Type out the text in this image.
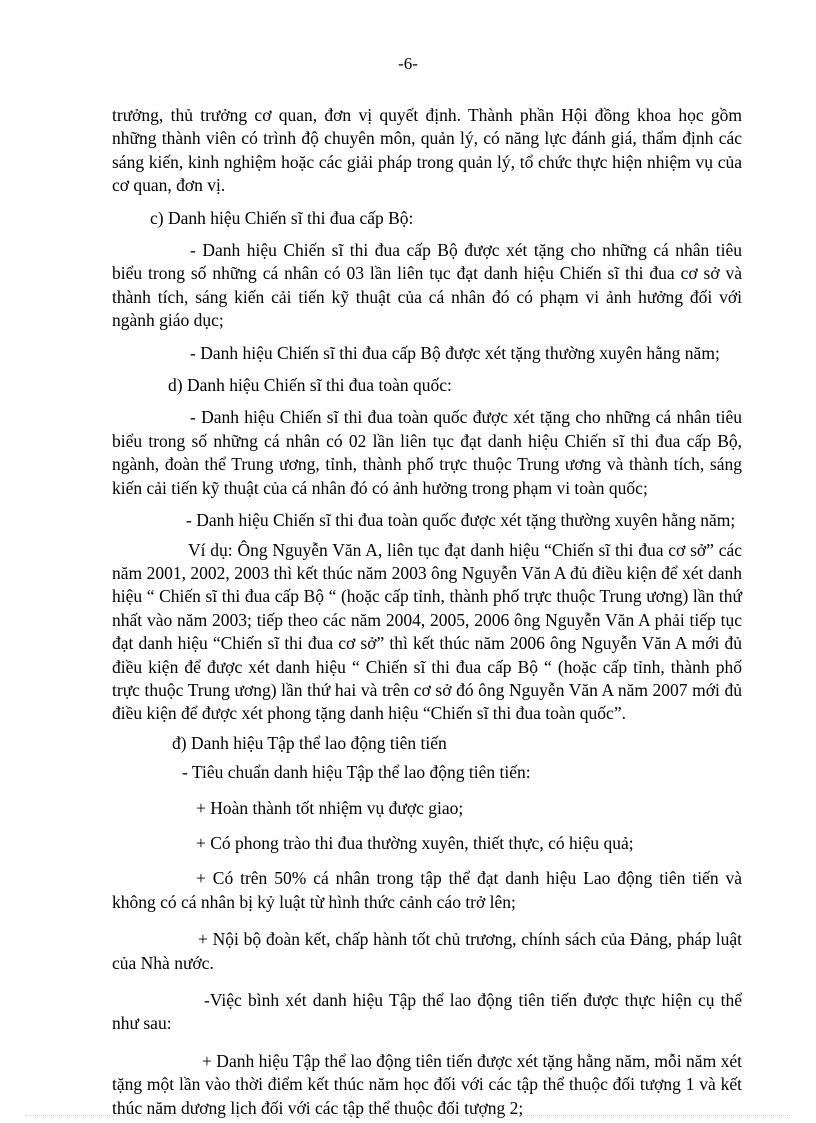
-6-

trưởng, thủ trưởng cơ quan, đơn vị quyết định. Thành phần Hội đồng khoa học gồm những thành viên có trình độ chuyên môn, quản lý, có năng lực đánh giá, thẩm định các sáng kiến, kinh nghiệm hoặc các giải pháp trong quản lý, tổ chức thực hiện nhiệm vụ của cơ quan, đơn vị.

c) Danh hiệu Chiến sĩ thi đua cấp Bộ:

- Danh hiệu Chiến sĩ thi đua cấp Bộ được xét tặng cho những cá nhân tiêu biểu trong số những cá nhân có 03 lần liên tục đạt danh hiệu Chiến sĩ thi đua cơ sở và thành tích, sáng kiến cải tiến kỹ thuật của cá nhân đó có phạm vi ảnh hưởng đối với ngành giáo dục;

- Danh hiệu Chiến sĩ thi đua cấp Bộ được xét tặng thường xuyên hằng năm;

d) Danh hiệu Chiến sĩ thi đua toàn quốc:

- Danh hiệu Chiến sĩ thi đua toàn quốc được xét tặng cho những cá nhân tiêu biểu trong số những cá nhân có 02 lần liên tục đạt danh hiệu Chiến sĩ thi đua cấp Bộ, ngành, đoàn thể Trung ương, tỉnh, thành phố trực thuộc Trung ương và thành tích, sáng kiến cải tiến kỹ thuật của cá nhân đó có ảnh hưởng trong phạm vi toàn quốc;

- Danh hiệu Chiến sĩ thi đua toàn quốc được xét tặng thường xuyên hằng năm;

Ví dụ: Ông Nguyễn Văn A, liên tục đạt danh hiệu “Chiến sĩ thi đua cơ sở” các năm 2001, 2002, 2003 thì kết thúc năm 2003 ông Nguyễn Văn A đủ điều kiện để xét danh hiệu “ Chiến sĩ thi đua cấp Bộ “ (hoặc cấp tỉnh, thành phố trực thuộc Trung ương) lần thứ nhất vào năm 2003; tiếp theo các năm 2004, 2005, 2006 ông Nguyễn Văn A phải tiếp tục đạt danh hiệu “Chiến sĩ thi đua cơ sở” thì kết thúc năm 2006 ông Nguyễn Văn A mới đủ điều kiện để được xét danh hiệu “ Chiến sĩ thi đua cấp Bộ “ (hoặc cấp tỉnh, thành phố trực thuộc Trung ương) lần thứ hai và trên cơ sở đó ông Nguyễn Văn A năm 2007 mới đủ điều kiện để được xét phong tặng danh hiệu “Chiến sĩ thi đua toàn quốc”.

đ) Danh hiệu Tập thể lao động tiên tiến

- Tiêu chuẩn danh hiệu Tập thể lao động tiên tiến:

+ Hoàn thành tốt nhiệm vụ được giao;

+ Có phong trào thi đua thường xuyên, thiết thực, có hiệu quả;

+ Có trên 50% cá nhân trong tập thể đạt danh hiệu Lao động tiên tiến và không có cá nhân bị kỷ luật từ hình thức cảnh cáo trở lên;

+ Nội bộ đoàn kết, chấp hành tốt chủ trương, chính sách của Đảng, pháp luật của Nhà nước.

-Việc bình xét danh hiệu Tập thể lao động tiên tiến được thực hiện cụ thể như sau:

+ Danh hiệu Tập thể lao động tiên tiến được xét tặng hằng năm, mỗi năm xét tặng một lần vào thời điểm kết thúc năm học đối với các tập thể thuộc đối tượng 1 và kết thúc năm dương lịch đối với các tập thể thuộc đối tượng 2;
